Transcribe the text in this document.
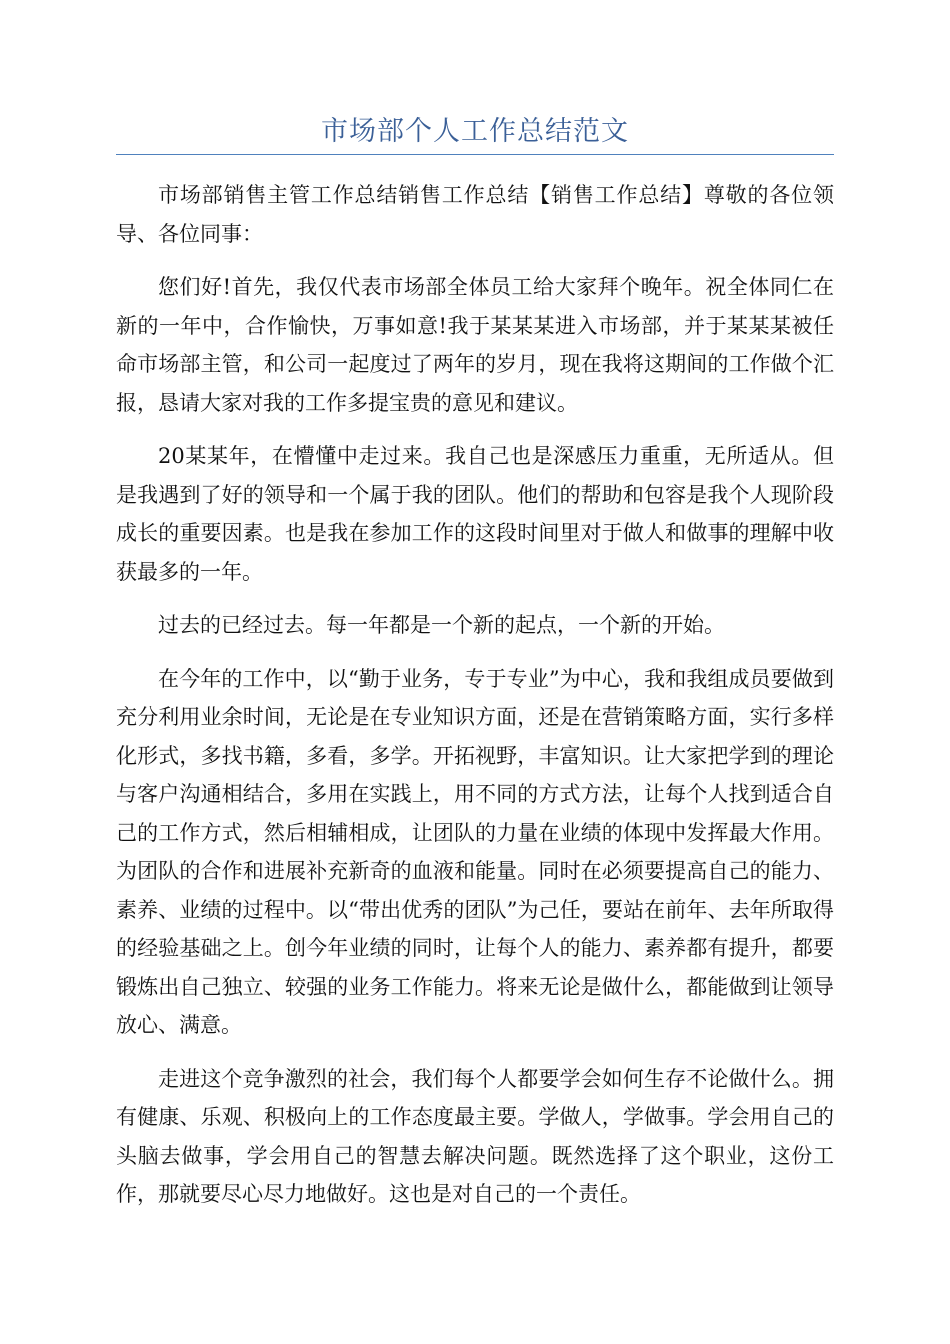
市场部个人工作总结范文

市场部销售主管工作总结销售工作总结【销售工作总结】尊敬的各位领导、各位同事：

您们好!首先，我仅代表市场部全体员工给大家拜个晚年。祝全体同仁在新的一年中，合作愉快，万事如意!我于某某某进入市场部，并于某某某被任命市场部主管，和公司一起度过了两年的岁月，现在我将这期间的工作做个汇报，恳请大家对我的工作多提宝贵的意见和建议。

20某某年，在懵懂中走过来。我自己也是深感压力重重，无所适从。但是我遇到了好的领导和一个属于我的团队。他们的帮助和包容是我个人现阶段成长的重要因素。也是我在参加工作的这段时间里对于做人和做事的理解中收获最多的一年。

过去的已经过去。每一年都是一个新的起点，一个新的开始。

在今年的工作中，以“勤于业务，专于专业”为中心，我和我组成员要做到充分利用业余时间，无论是在专业知识方面，还是在营销策略方面，实行多样化形式，多找书籍，多看，多学。开拓视野，丰富知识。让大家把学到的理论与客户沟通相结合，多用在实践上，用不同的方式方法，让每个人找到适合自己的工作方式，然后相辅相成，让团队的力量在业绩的体现中发挥最大作用。为团队的合作和进展补充新奇的血液和能量。同时在必须要提高自己的能力、素养、业绩的过程中。以“带出优秀的团队”为己任，要站在前年、去年所取得的经验基础之上。创今年业绩的同时，让每个人的能力、素养都有提升，都要锻炼出自己独立、较强的业务工作能力。将来无论是做什么，都能做到让领导放心、满意。

走进这个竞争激烈的社会，我们每个人都要学会如何生存不论做什么。拥有健康、乐观、积极向上的工作态度最主要。学做人，学做事。学会用自己的头脑去做事，学会用自己的智慧去解决问题。既然选择了这个职业，这份工作，那就要尽心尽力地做好。这也是对自己的一个责任。
